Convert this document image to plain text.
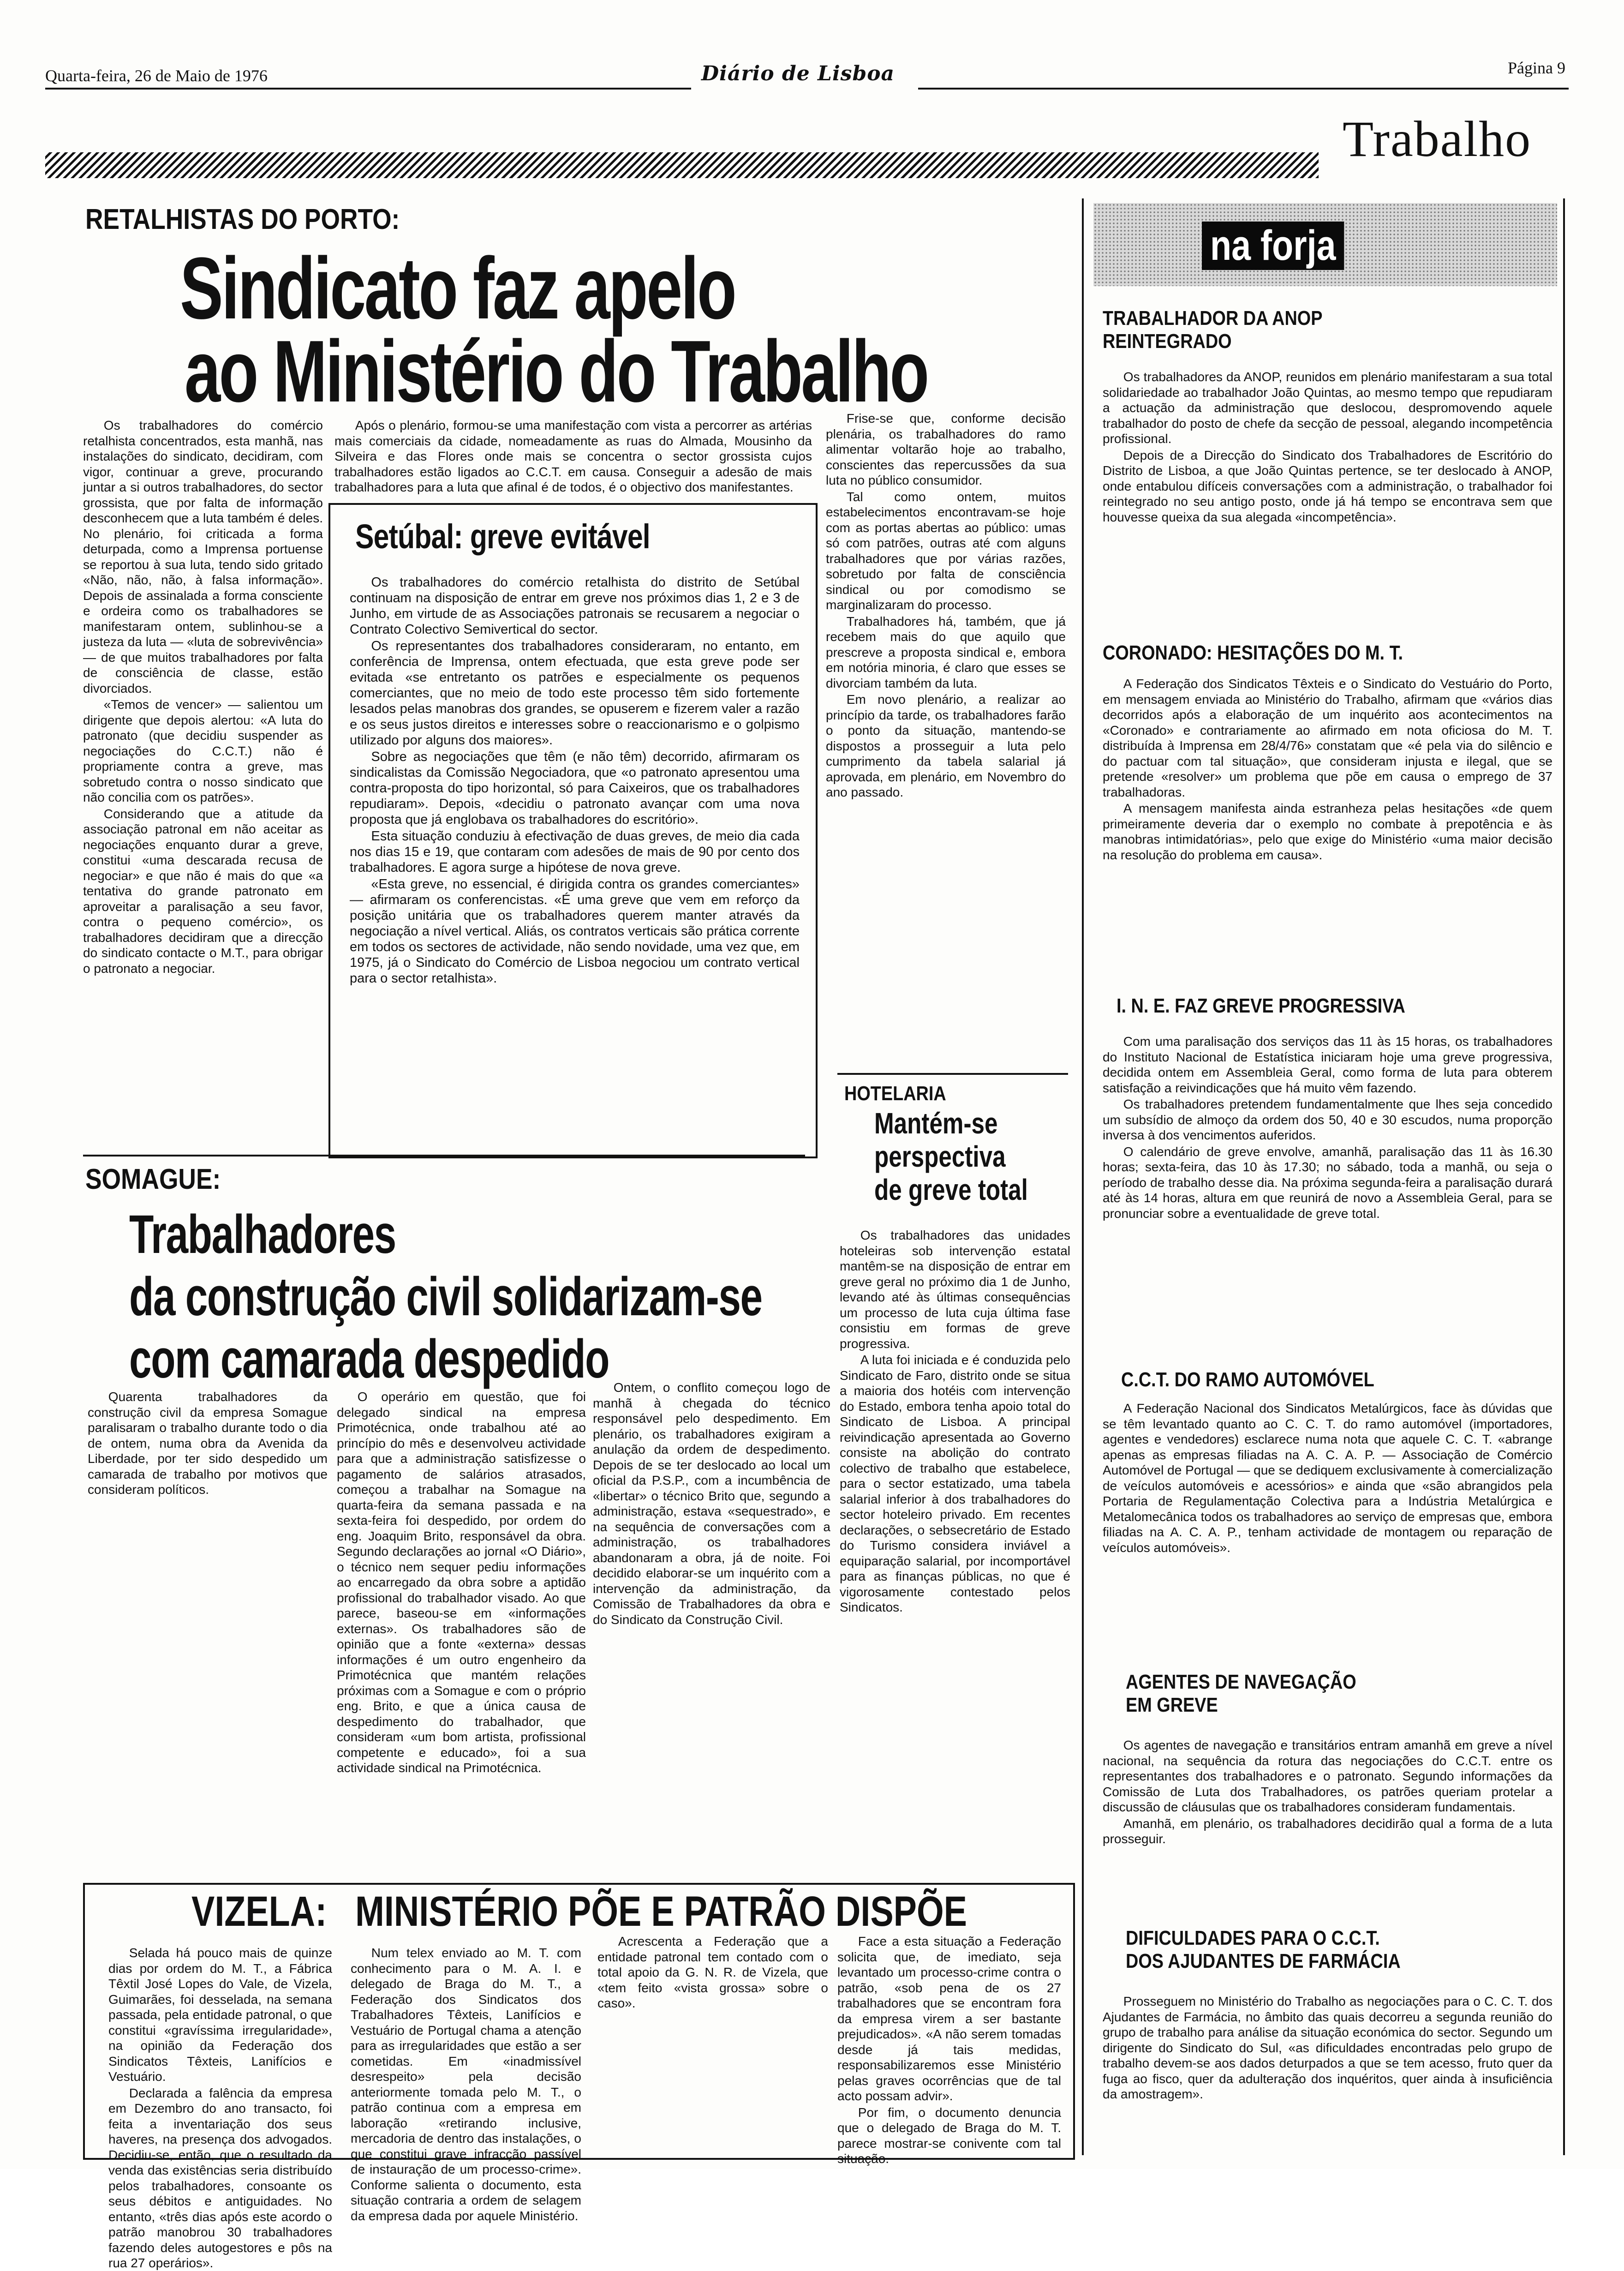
Quarta-feira, 26 de Maio de 1976	Diário de Lisboa	Página 9
Trabalho
RETALHISTAS DO PORTO:
Sindicato faz apelo
ao Ministério do Trabalho

Os trabalhadores do comércio retalhista concentrados, esta manhã, nas instalações do sindicato, decidiram, com vigor, continuar a greve, procurando juntar a si outros trabalhadores, do sector grossista, que por falta de informação desconhecem que a luta também é deles. No plenário, foi criticada a forma deturpada, como a Imprensa portuense se reportou à sua luta, tendo sido gritado «Não, não, não, à falsa informação». Depois de assinalada a forma consciente e ordeira como os trabalhadores se manifestaram ontem, sublinhou-se a justeza da luta — «luta de sobrevivência» — de que muitos trabalhadores por falta de consciência de classe, estão divorciados.

«Temos de vencer» — salientou um dirigente que depois alertou: «A luta do patronato (que decidiu suspender as negociações do C.C.T.) não é propriamente contra a greve, mas sobretudo contra o nosso sindicato que não concilia com os patrões».

Considerando que a atitude da associação patronal em não aceitar as negociações enquanto durar a greve, constitui «uma descarada recusa de negociar» e que não é mais do que «a tentativa do grande patronato em aproveitar a paralisação a seu favor, contra o pequeno comércio», os trabalhadores decidiram que a direcção do sindicato contacte o M.T., para obrigar o patronato a negociar.

Após o plenário, formou-se uma manifestação com vista a percorrer as artérias mais comerciais da cidade, nomeadamente as ruas do Almada, Mousinho da Silveira e das Flores onde mais se concentra o sector grossista cujos trabalhadores estão ligados ao C.C.T. em causa. Conseguir a adesão de mais trabalhadores para a luta que afinal é de todos, é o objectivo dos manifestantes.

Frise-se que, conforme decisão plenária, os trabalhadores do ramo alimentar voltarão hoje ao trabalho, conscientes das repercussões da sua luta no público consumidor.

Tal como ontem, muitos estabelecimentos encontravam-se hoje com as portas abertas ao público: umas só com patrões, outras até com alguns trabalhadores que por várias razões, sobretudo por falta de consciência sindical ou por comodismo se marginalizaram do processo.

Trabalhadores há, também, que já recebem mais do que aquilo que prescreve a proposta sindical e, embora em notória minoria, é claro que esses se divorciam também da luta.

Em novo plenário, a realizar ao princípio da tarde, os trabalhadores farão o ponto da situação, mantendo-se dispostos a prosseguir a luta pelo cumprimento da tabela salarial já aprovada, em plenário, em Novembro do ano passado.

Setúbal: greve evitável

Os trabalhadores do comércio retalhista do distrito de Setúbal continuam na disposição de entrar em greve nos próximos dias 1, 2 e 3 de Junho, em virtude de as Associações patronais se recusarem a negociar o Contrato Colectivo Semivertical do sector.

Os representantes dos trabalhadores consideraram, no entanto, em conferência de Imprensa, ontem efectuada, que esta greve pode ser evitada «se entretanto os patrões e especialmente os pequenos comerciantes, que no meio de todo este processo têm sido fortemente lesados pelas manobras dos grandes, se opuserem e fizerem valer a razão e os seus justos direitos e interesses sobre o reaccionarismo e o golpismo utilizado por alguns dos maiores».

Sobre as negociações que têm (e não têm) decorrido, afirmaram os sindicalistas da Comissão Negociadora, que «o patronato apresentou uma contra-proposta do tipo horizontal, só para Caixeiros, que os trabalhadores repudiaram». Depois, «decidiu o patronato avançar com uma nova proposta que já englobava os trabalhadores do escritório».

Esta situação conduziu à efectivação de duas greves, de meio dia cada nos dias 15 e 19, que contaram com adesões de mais de 90 por cento dos trabalhadores. E agora surge a hipótese de nova greve.

«Esta greve, no essencial, é dirigida contra os grandes comerciantes» — afirmaram os conferencistas. «É uma greve que vem em reforço da posição unitária que os trabalhadores querem manter através da negociação a nível vertical. Aliás, os contratos verticais são prática corrente em todos os sectores de actividade, não sendo novidade, uma vez que, em 1975, já o Sindicato do Comércio de Lisboa negociou um contrato vertical para o sector retalhista».

SOMAGUE:
Trabalhadores
da construção civil solidarizam-se
com camarada despedido

Quarenta trabalhadores da construção civil da empresa Somague paralisaram o trabalho durante todo o dia de ontem, numa obra da Avenida da Liberdade, por ter sido despedido um camarada de trabalho por motivos que consideram políticos.

O operário em questão, que foi delegado sindical na empresa Primotécnica, onde trabalhou até ao princípio do mês e desenvolveu actividade para que a administração satisfizesse o pagamento de salários atrasados, começou a trabalhar na Somague na quarta-feira da semana passada e na sexta-feira foi despedido, por ordem do eng. Joaquim Brito, responsável da obra. Segundo declarações ao jornal «O Diário», o técnico nem sequer pediu informações ao encarregado da obra sobre a aptidão profissional do trabalhador visado. Ao que parece, baseou-se em «informações externas». Os trabalhadores são de opinião que a fonte «externa» dessas informações é um outro engenheiro da Primotécnica que mantém relações próximas com a Somague e com o próprio eng. Brito, e que a única causa de despedimento do trabalhador, que consideram «um bom artista, profissional competente e educado», foi a sua actividade sindical na Primotécnica.

Ontem, o conflito começou logo de manhã à chegada do técnico responsável pelo despedimento. Em plenário, os trabalhadores exigiram a anulação da ordem de despedimento. Depois de se ter deslocado ao local um oficial da P.S.P., com a incumbência de «libertar» o técnico Brito que, segundo a administração, estava «sequestrado», e na sequência de conversações com a administração, os trabalhadores abandonaram a obra, já de noite. Foi decidido elaborar-se um inquérito com a intervenção da administração, da Comissão de Trabalhadores da obra e do Sindicato da Construção Civil.

HOTELARIA
Mantém-se
perspectiva
de greve total

Os trabalhadores das unidades hoteleiras sob intervenção estatal mantêm-se na disposição de entrar em greve geral no próximo dia 1 de Junho, levando até às últimas consequências um processo de luta cuja última fase consistiu em formas de greve progressiva.

A luta foi iniciada e é conduzida pelo Sindicato de Faro, distrito onde se situa a maioria dos hotéis com intervenção do Estado, embora tenha apoio total do Sindicato de Lisboa. A principal reivindicação apresentada ao Governo consiste na abolição do contrato colectivo de trabalho que estabelece, para o sector estatizado, uma tabela salarial inferior à dos trabalhadores do sector hoteleiro privado. Em recentes declarações, o sebsecretário de Estado do Turismo considera inviável a equiparação salarial, por incomportável para as finanças públicas, no que é vigorosamente contestado pelos Sindicatos.

VIZELA: MINISTÉRIO PÕE E PATRÃO DISPÕE

Selada há pouco mais de quinze dias por ordem do M. T., a Fábrica Têxtil José Lopes do Vale, de Vizela, Guimarães, foi desselada, na semana passada, pela entidade patronal, o que constitui «gravíssima irregularidade», na opinião da Federação dos Sindicatos Têxteis, Lanifícios e Vestuário.

Declarada a falência da empresa em Dezembro do ano transacto, foi feita a inventariação dos seus haveres, na presença dos advogados. Decidiu-se, então, que o resultado da venda das existências seria distribuído pelos trabalhadores, consoante os seus débitos e antiguidades. No entanto, «três dias após este acordo o patrão manobrou 30 trabalhadores fazendo deles autogestores e pôs na rua 27 operários».

Num telex enviado ao M. T. com conhecimento para o M. A. I. e delegado de Braga do M. T., a Federação dos Sindicatos dos Trabalhadores Têxteis, Lanifícios e Vestuário de Portugal chama a atenção para as irregularidades que estão a ser cometidas. Em «inadmissível desrespeito» pela decisão anteriormente tomada pelo M. T., o patrão continua com a empresa em laboração «retirando inclusive, mercadoria de dentro das instalações, o que constitui grave infracção passível de instauração de um processo-crime». Conforme salienta o documento, esta situação contraria a ordem de selagem da empresa dada por aquele Ministério.

Acrescenta a Federação que a entidade patronal tem contado com o total apoio da G. N. R. de Vizela, que «tem feito «vista grossa» sobre o caso».

Face a esta situação a Federação solicita que, de imediato, seja levantado um processo-crime contra o patrão, «sob pena de os 27 trabalhadores que se encontram fora da empresa virem a ser bastante prejudicados». «A não serem tomadas desde já tais medidas, responsabilizaremos esse Ministério pelas graves ocorrências que de tal acto possam advir».

Por fim, o documento denuncia que o delegado de Braga do M. T. parece mostrar-se conivente com tal situação.

na forja
TRABALHADOR DA ANOP
REINTEGRADO

Os trabalhadores da ANOP, reunidos em plenário manifestaram a sua total solidariedade ao trabalhador João Quintas, ao mesmo tempo que repudiaram a actuação da administração que deslocou, despromovendo aquele trabalhador do posto de chefe da secção de pessoal, alegando incompetência profissional.

Depois de a Direcção do Sindicato dos Trabalhadores de Escritório do Distrito de Lisboa, a que João Quintas pertence, se ter deslocado à ANOP, onde entabulou difíceis conversações com a administração, o trabalhador foi reintegrado no seu antigo posto, onde já há tempo se encontrava sem que houvesse queixa da sua alegada «incompetência».

CORONADO: HESITAÇÕES DO M. T.

A Federação dos Sindicatos Têxteis e o Sindicato do Vestuário do Porto, em mensagem enviada ao Ministério do Trabalho, afirmam que «vários dias decorridos após a elaboração de um inquérito aos acontecimentos na «Coronado» e contrariamente ao afirmado em nota oficiosa do M. T. distribuída à Imprensa em 28/4/76» constatam que «é pela via do silêncio e do pactuar com tal situação», que consideram injusta e ilegal, que se pretende «resolver» um problema que põe em causa o emprego de 37 trabalhadoras.

A mensagem manifesta ainda estranheza pelas hesitações «de quem primeiramente deveria dar o exemplo no combate à prepotência e às manobras intimidatórias», pelo que exige do Ministério «uma maior decisão na resolução do problema em causa».

I. N. E. FAZ GREVE PROGRESSIVA

Com uma paralisação dos serviços das 11 às 15 horas, os trabalhadores do Instituto Nacional de Estatística iniciaram hoje uma greve progressiva, decidida ontem em Assembleia Geral, como forma de luta para obterem satisfação a reivindicações que há muito vêm fazendo.

Os trabalhadores pretendem fundamentalmente que lhes seja concedido um subsídio de almoço da ordem dos 50, 40 e 30 escudos, numa proporção inversa à dos vencimentos auferidos.

O calendário de greve envolve, amanhã, paralisação das 11 às 16.30 horas; sexta-feira, das 10 às 17.30; no sábado, toda a manhã, ou seja o período de trabalho desse dia. Na próxima segunda-feira a paralisação durará até às 14 horas, altura em que reunirá de novo a Assembleia Geral, para se pronunciar sobre a eventualidade de greve total.

C.C.T. DO RAMO AUTOMÓVEL

A Federação Nacional dos Sindicatos Metalúrgicos, face às dúvidas que se têm levantado quanto ao C. C. T. do ramo automóvel (importadores, agentes e vendedores) esclarece numa nota que aquele C. C. T. «abrange apenas as empresas filiadas na A. C. A. P. — Associação de Comércio Automóvel de Portugal — que se dediquem exclusivamente à comercialização de veículos automóveis e acessórios» e ainda que «são abrangidos pela Portaria de Regulamentação Colectiva para a Indústria Metalúrgica e Metalomecânica todos os trabalhadores ao serviço de empresas que, embora filiadas na A. C. A. P., tenham actividade de montagem ou reparação de veículos automóveis».

AGENTES DE NAVEGAÇÃO
EM GREVE

Os agentes de navegação e transitários entram amanhã em greve a nível nacional, na sequência da rotura das negociações do C.C.T. entre os representantes dos trabalhadores e o patronato. Segundo informações da Comissão de Luta dos Trabalhadores, os patrões queriam protelar a discussão de cláusulas que os trabalhadores consideram fundamentais.

Amanhã, em plenário, os trabalhadores decidirão qual a forma de a luta prosseguir.

DIFICULDADES PARA O C.C.T.
DOS AJUDANTES DE FARMÁCIA

Prosseguem no Ministério do Trabalho as negociações para o C. C. T. dos Ajudantes de Farmácia, no âmbito das quais decorreu a segunda reunião do grupo de trabalho para análise da situação económica do sector. Segundo um dirigente do Sindicato do Sul, «as dificuldades encontradas pelo grupo de trabalho devem-se aos dados deturpados a que se tem acesso, fruto quer da fuga ao fisco, quer da adulteração dos inquéritos, quer ainda à insuficiência da amostragem».
